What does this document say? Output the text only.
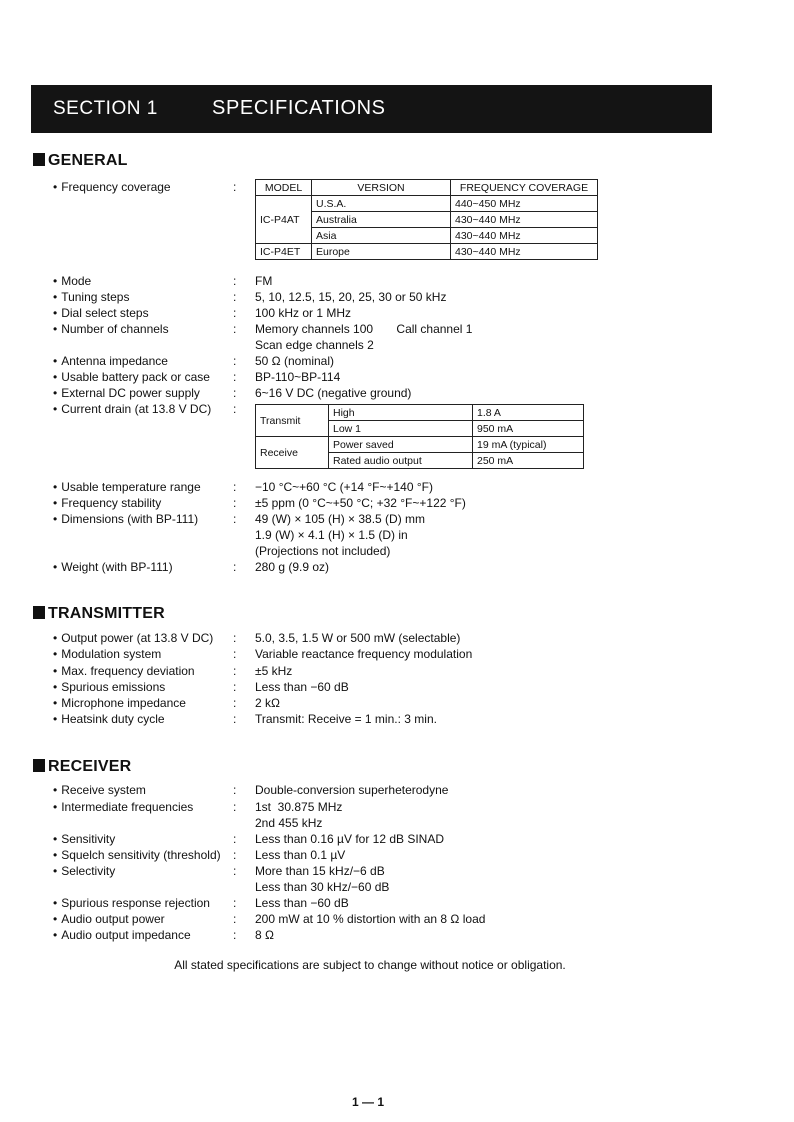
SECTION 1	SPECIFICATIONS
GENERAL
• Frequency coverage	:	MODEL	VERSION	FREQUENCY COVERAGE
IC-P4AT	U.S.A.	440~450 MHz
	Australia	430~440 MHz
	Asia	430~440 MHz
IC-P4ET	Europe	430~440 MHz
• Mode	: FM
• Tuning steps	: 5, 10, 12.5, 15, 20, 25, 30 or 50 kHz
• Dial select steps	: 100 kHz or 1 MHz
• Number of channels	: Memory channels 100       Call channel 1
Scan edge channels 2
• Antenna impedance	: 50 Ω (nominal)
• Usable battery pack or case : BP-110~BP-114
• External DC power supply	: 6~16 V DC (negative ground)
• Current drain (at 13.8 V DC) :
Transmit	High	1.8 A
	Low 1	950 mA
Receive	Power saved	19 mA (typical)
	Rated audio output	250 mA
• Usable temperature range	: −10 °C~+60 °C (+14 °F~+140 °F)
• Frequency stability	: ±5 ppm (0 °C~+50 °C; +32 °F~+122 °F)
• Dimensions (with BP-111)	: 49 (W) × 105 (H) × 38.5 (D) mm
1.9 (W) × 4.1 (H) × 1.5 (D) in
(Projections not included)
• Weight (with BP-111)	: 280 g (9.9 oz)
TRANSMITTER
• Output power (at 13.8 V DC) : 5.0, 3.5, 1.5 W or 500 mW (selectable)
• Modulation system	: Variable reactance frequency modulation
• Max. frequency deviation	: ±5 kHz
• Spurious emissions	: Less than −60 dB
• Microphone impedance	: 2 kΩ
• Heatsink duty cycle	: Transmit: Receive = 1 min.: 3 min.
RECEIVER
• Receive system	: Double-conversion superheterodyne
• Intermediate frequencies	: 1st  30.875 MHz
2nd 455 kHz
• Sensitivity	: Less than 0.16 µV for 12 dB SINAD
• Squelch sensitivity (threshold) : Less than 0.1 µV
• Selectivity	: More than 15 kHz/−6 dB
Less than 30 kHz/−60 dB
• Spurious response rejection : Less than −60 dB
• Audio output power	: 200 mW at 10 % distortion with an 8 Ω load
• Audio output impedance	: 8 Ω
All stated specifications are subject to change without notice or obligation.
1 — 1
